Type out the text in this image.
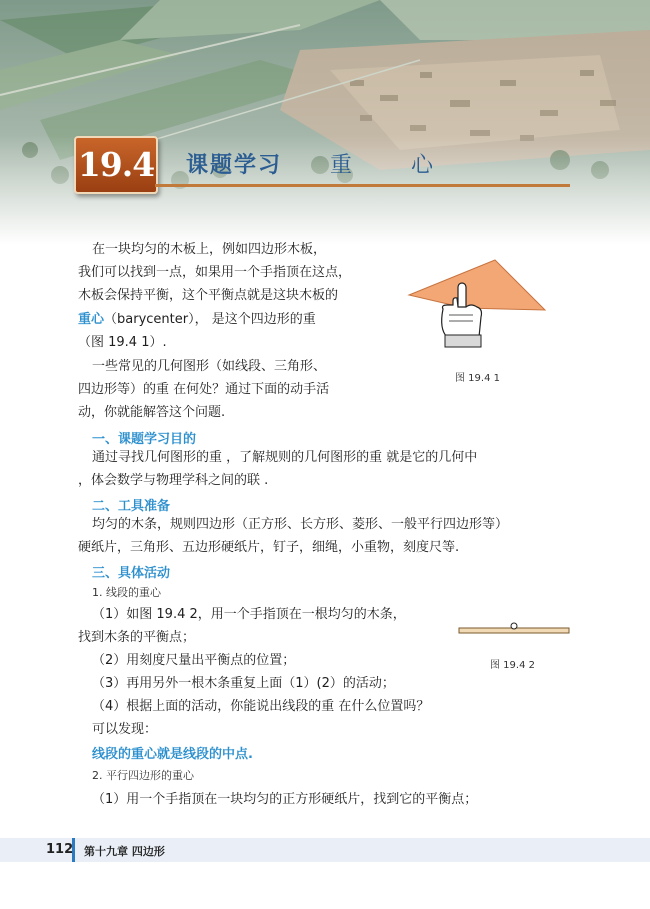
19.4 课题学习 重 心
在一块均匀的木板上，例如四边形木板，
我们可以找到一点，如果用一个手指顶在这点，
木板会保持平衡，这个平衡点就是这块木板的
重心（barycenter）， 是这个四边形的重
（图 19.4 1）.
一些常见的几何图形（如线段、三角形、
四边形等）的重 在何处？通过下面的动手活
动，你就能解答这个问题.
图 19.4 1
一、课题学习目的
通过寻找几何图形的重 ，了解规则的几何图形的重 就是它的几何中
，体会数学与物理学科之间的联 .
二、工具准备
均匀的木条，规则四边形（正方形、长方形、菱形、一般平行四边形等）
硬纸片，三角形、五边形硬纸片，钉子，细绳，小重物，刻度尺等.
三、具体活动
1. 线段的重心
（1）如图 19.4 2，用一个手指顶在一根均匀的木条，
找到木条的平衡点；
（2）用刻度尺量出平衡点的位置；
（3）再用另外一根木条重复上面（1）(2）的活动；
（4）根据上面的活动，你能说出线段的重 在什么位置吗？
可以发现：
线段的重心就是线段的中点.
2. 平行四边形的重心
（1）用一个手指顶在一块均匀的正方形硬纸片，找到它的平衡点；
图 19.4 2
112 第十九章 四边形
